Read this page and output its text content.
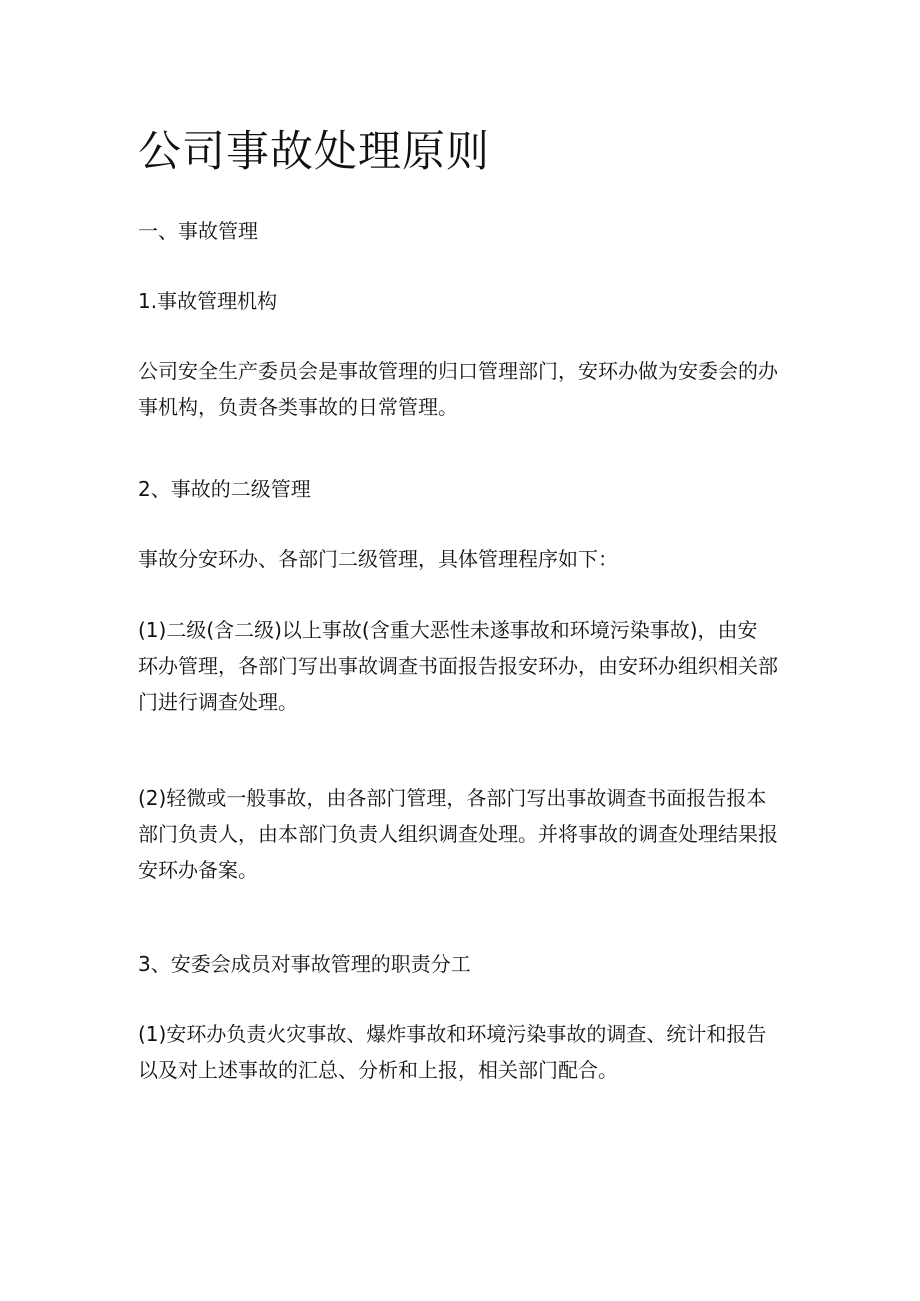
公司事故处理原则

一、事故管理

1.事故管理机构

公司安全生产委员会是事故管理的归口管理部门，安环办做为安委会的办
事机构，负责各类事故的日常管理。

2、事故的二级管理

事故分安环办、各部门二级管理，具体管理程序如下：

(1)二级(含二级)以上事故(含重大恶性未遂事故和环境污染事故)，由安
环办管理，各部门写出事故调查书面报告报安环办，由安环办组织相关部
门进行调查处理。

(2)轻微或一般事故，由各部门管理，各部门写出事故调查书面报告报本
部门负责人，由本部门负责人组织调查处理。并将事故的调查处理结果报
安环办备案。

3、安委会成员对事故管理的职责分工

(1)安环办负责火灾事故、爆炸事故和环境污染事故的调查、统计和报告
以及对上述事故的汇总、分析和上报，相关部门配合。
